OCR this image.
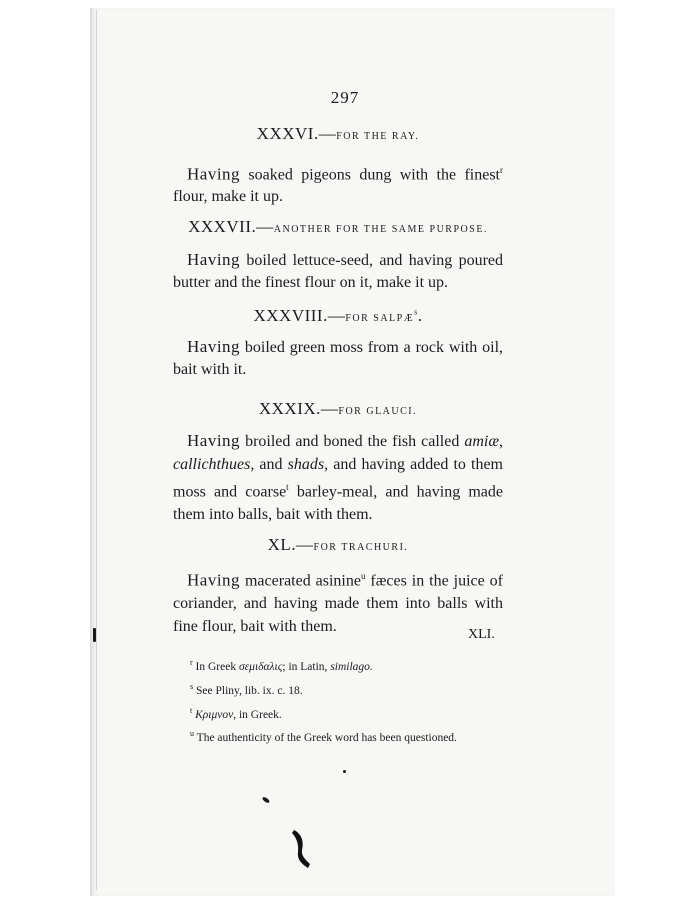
297

XXXVI.—FOR THE RAY.

Having soaked pigeons dung with the finest$^r$ flour, make it up.

XXXVII.—ANOTHER FOR THE SAME PURPOSE.

Having boiled lettuce-seed, and having poured butter and the finest flour on it, make it up.

XXXVIII.—FOR SALPÆ$^s$.

Having boiled green moss from a rock with oil, bait with it.

XXXIX.—FOR GLAUCI.

Having broiled and boned the fish called amiæ, callichthues, and shads, and having added to them moss and coarse$^t$ barley-meal, and having made them into balls, bait with them.

XL.—FOR TRACHURI.

Having macerated asinine$^u$ fæces in the juice of coriander, and having made them into balls with fine flour, bait with them.	XLI.
$^r$ In Greek σεμιδαλις; in Latin, similago.
$^s$ See Pliny, lib. ix. c. 18.
$^t$ Κριμνον, in Greek.
$^u$ The authenticity of the Greek word has been questioned.
